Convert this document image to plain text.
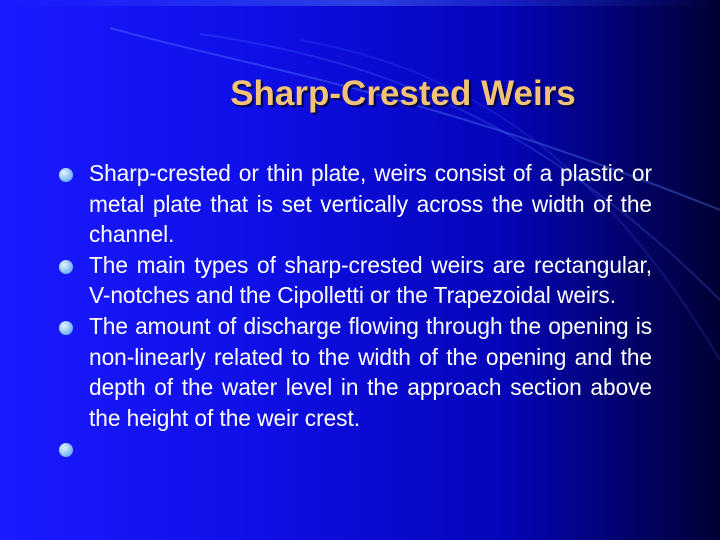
Sharp-Crested Weirs
Sharp-crested or thin plate, weirs consist of a plastic or metal plate that is set vertically across the width of the channel.
The main types of sharp-crested weirs are rectangular, V-notches and the Cipolletti or the Trapezoidal weirs.
The amount of discharge flowing through the opening is non-linearly related to the width of the opening and the depth of the water level in the approach section above the height of the weir crest.
